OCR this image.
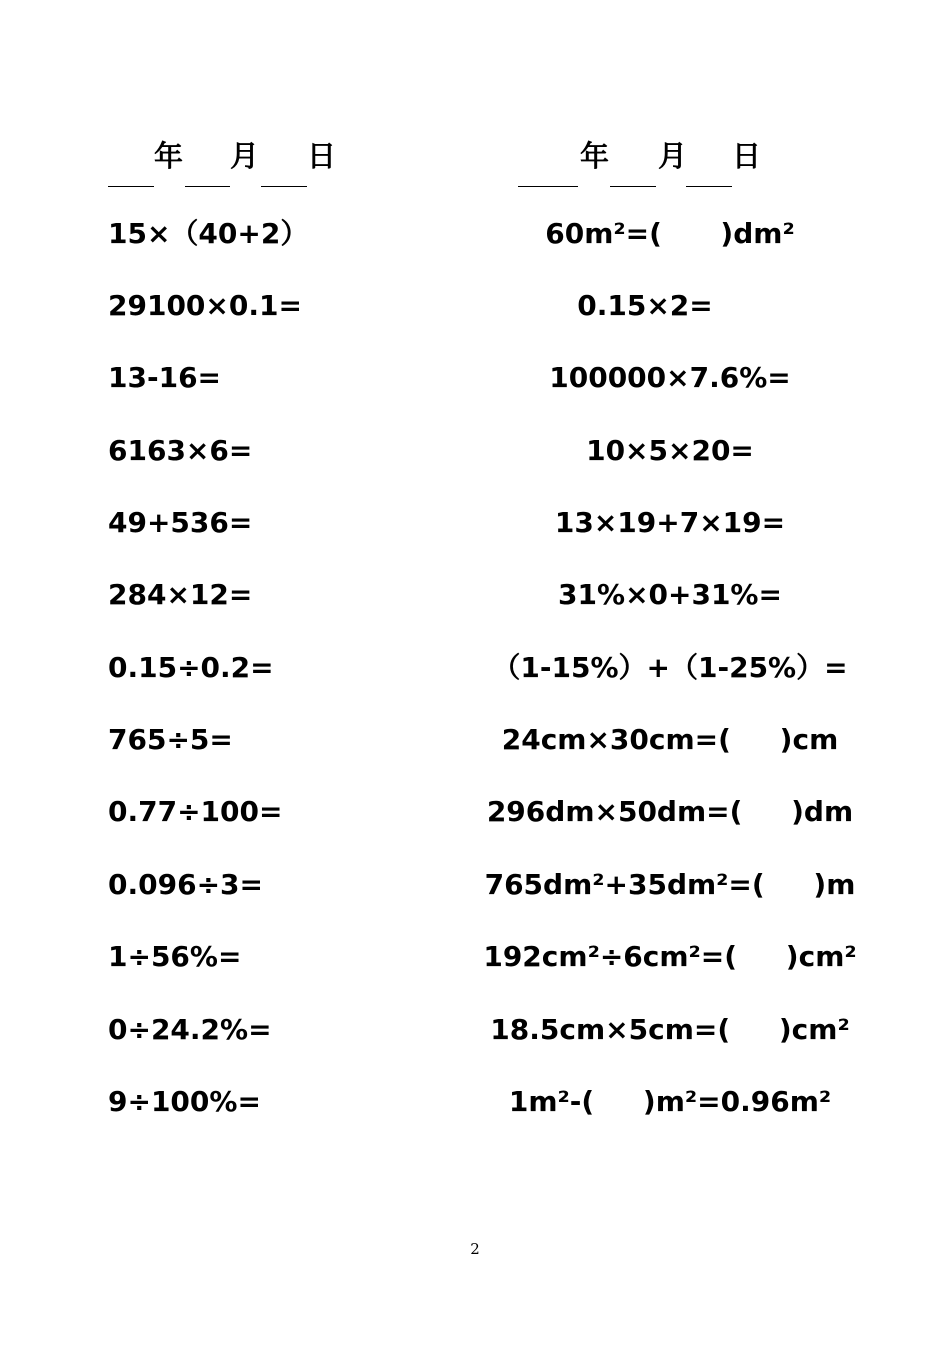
年 月 日	年 月 日
15×（40+2）
29100×0.1=
13-16=
6163×6=
49+536=
284×12=
0.15÷0.2=
765÷5=
0.77÷100=
0.096÷3=
1÷56%=
0÷24.2%=
9÷100%=
60m²=(      )dm²
0.15×2=
100000×7.6%=
10×5×20=
13×19+7×19=
31%×0+31%=
（1-15%）+（1-25%）=
24cm×30cm=(     )cm
296dm×50dm=(     )dm
765dm²+35dm²=(     )m
192cm²÷6cm²=(     )cm²
18.5cm×5cm=(     )cm²
1m²-(     )m²=0.96m²
2
